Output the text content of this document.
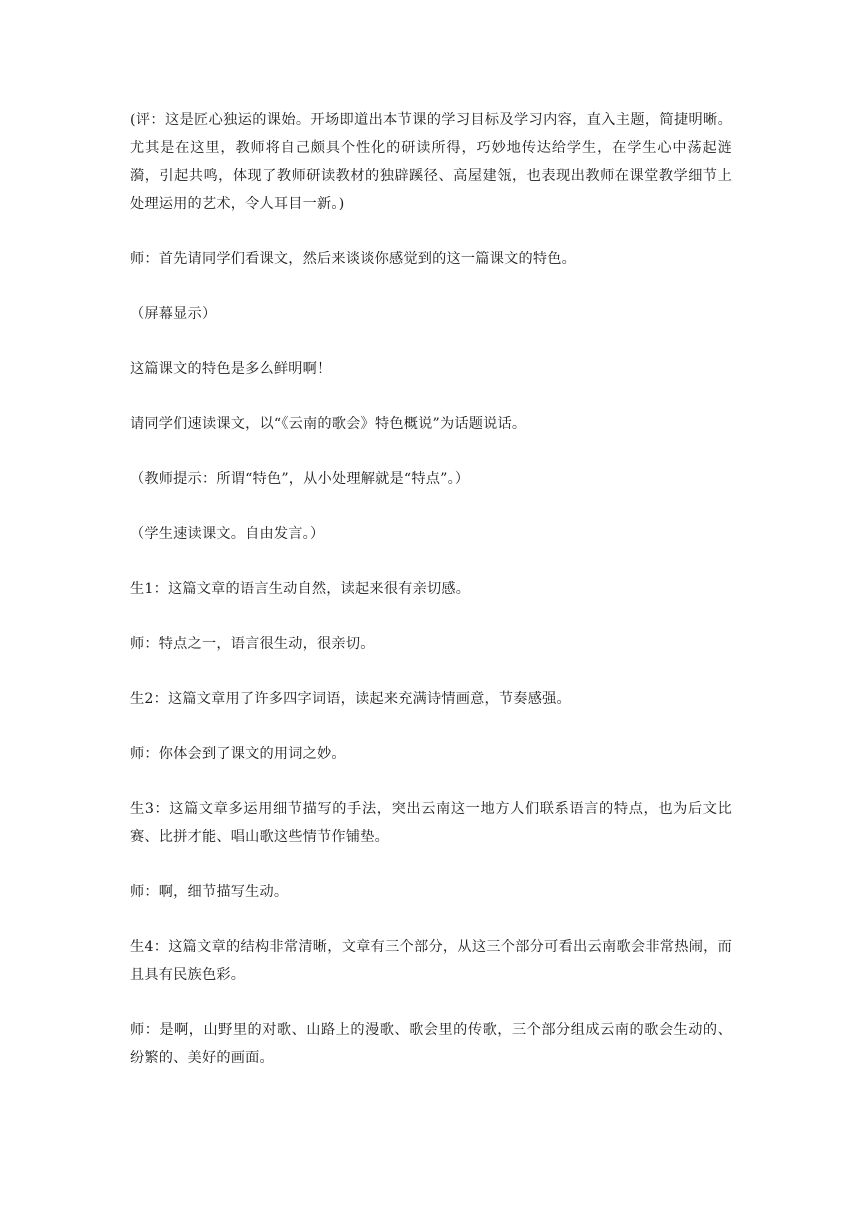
(评：这是匠心独运的课始。开场即道出本节课的学习目标及学习内容，直入主题，简捷明晰。尤其是在这里，教师将自己颇具个性化的研读所得，巧妙地传达给学生，在学生心中荡起涟漪，引起共鸣，体现了教师研读教材的独辟蹊径、高屋建瓴，也表现出教师在课堂教学细节上处理运用的艺术，令人耳目一新。)

师：首先请同学们看课文，然后来谈谈你感觉到的这一篇课文的特色。

（屏幕显示）

这篇课文的特色是多么鲜明啊！

请同学们速读课文，以“《云南的歌会》特色概说”为话题说话。

（教师提示：所谓“特色”，从小处理解就是“特点”。）

（学生速读课文。自由发言。）

生1：这篇文章的语言生动自然，读起来很有亲切感。

师：特点之一，语言很生动，很亲切。

生2：这篇文章用了许多四字词语，读起来充满诗情画意，节奏感强。

师：你体会到了课文的用词之妙。

生3：这篇文章多运用细节描写的手法，突出云南这一地方人们联系语言的特点，也为后文比赛、比拼才能、唱山歌这些情节作铺垫。

师：啊，细节描写生动。

生4：这篇文章的结构非常清晰，文章有三个部分，从这三个部分可看出云南歌会非常热闹，而且具有民族色彩。

师：是啊，山野里的对歌、山路上的漫歌、歌会里的传歌，三个部分组成云南的歌会生动的、纷繁的、美好的画面。
